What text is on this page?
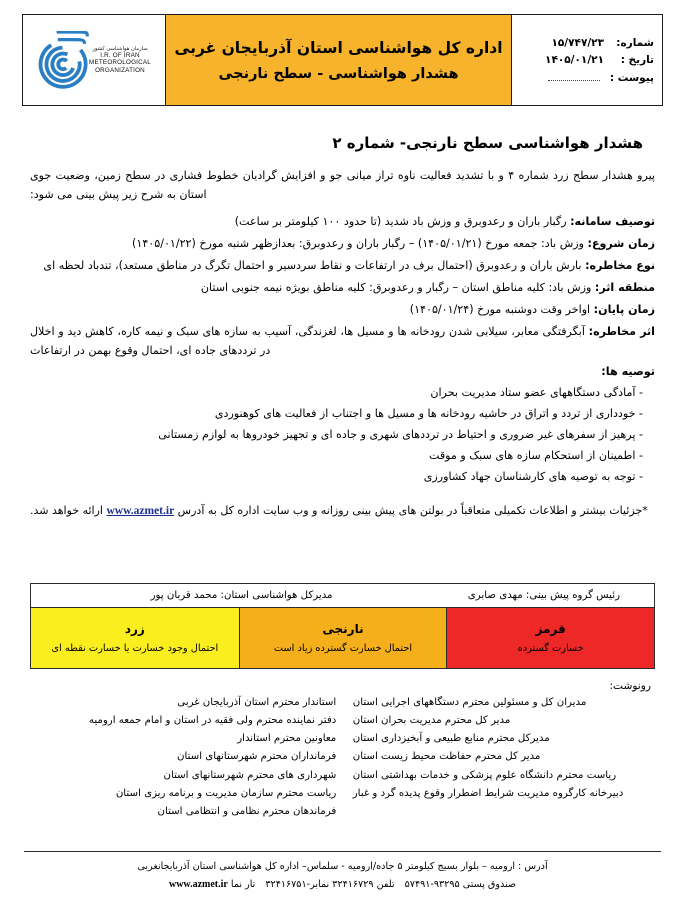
شماره:
۱۵/۷۴۷/۲۳
تاریخ :
۱۴۰۵/۰۱/۲۱
پیوست :
اداره کل هواشناسی استان آذربایجان غربی
هشدار هواشناسی - سطح نارنجی
سازمان هواشناسی کشور
I.R. OF IRAN
METEOROLOGICAL
ORGANIZATION
هشدار هواشناسی سطح نارنجی- شماره ۲
پیرو هشدار سطح زرد شماره ۴ و با تشدید فعالیت ناوه تراز میانی جو و افزایش گرادیان خطوط فشاری در سطح زمین، وضعیت جوی استان به شرح زیر پیش بینی می شود:
توصیف سامانه: رگبار باران و رعدوبرق و وزش باد شدید (تا حدود ۱۰۰ کیلومتر بر ساعت)
زمان شروع: وزش باد: جمعه مورخ (۱۴۰۵/۰۱/۲۱) – رگبار باران و رعدوبرق: بعدازظهر شنبه مورخ (۱۴۰۵/۰۱/۲۲)
نوع مخاطره: بارش باران و رعدوبرق (احتمال برف در ارتفاعات و نقاط سردسیر و احتمال تگرگ در مناطق مستعد)، تندباد لحظه ای
منطقه اثر: وزش باد: کلیه مناطق استان – رگبار و رعدوبرق: کلیه مناطق بویژه نیمه جنوبی استان
زمان پایان: اواخر وقت دوشنبه مورخ (۱۴۰۵/۰۱/۲۴)
اثر مخاطره: آبگرفتگی معابر، سیلابی شدن رودخانه ها و مسیل ها، لغزندگی، آسیب به سازه های سبک و نیمه کاره، کاهش دید و اخلال در ترددهای جاده ای، احتمال وقوع بهمن در ارتفاعات
توصیه ها:
- آمادگی دستگاههای عضو ستاد مدیریت بحران
- خودداری از تردد و اتراق در حاشیه رودخانه ها و مسیل ها و اجتناب از فعالیت های کوهنوردی
- پرهیز از سفرهای غیر ضروری و احتیاط در ترددهای شهری و جاده ای و تجهیز خودروها به لوازم زمستانی
- اطمینان از استحکام سازه های سبک و موقت
- توجه به توصیه های کارشناسان جهاد کشاورزی
*جزئیات بیشتر و اطلاعات تکمیلی متعاقباً در بولتن های پیش بینی روزانه و وب سایت اداره کل به آدرس www.azmet.ir ارائه خواهد شد.
رئیس گروه پیش بینی: مهدی صابری
مدیرکل هواشناسی استان: محمد قربان پور
قرمز
خسارت گسترده
نارنجی
احتمال خسارت گسترده زیاد است
زرد
احتمال وجود خسارت یا خسارت نقطه ای
رونوشت:
مدیران کل و مسئولین محترم دستگاههای اجرایی استان
مدیر کل محترم مدیریت بحران استان
مدیرکل محترم منابع طبیعی و آبخیزداری استان
مدیر کل محترم حفاظت محیط زیست استان
ریاست محترم دانشگاه علوم پزشکی و خدمات بهداشتی استان
دبیرخانه کارگروه مدیریت شرایط اضطرار وقوع پدیده گرد و غبار
استاندار محترم استان آذربایجان غربی
دفتر نماینده محترم ولی فقیه در استان و امام جمعه ارومیه
معاونین محترم استاندار
فرمانداران محترم شهرستانهای استان
شهرداری های محترم شهرستانهای استان
ریاست محترم سازمان مدیریت و برنامه ریزی استان
فرماندهان محترم نظامی و انتظامی استان
آدرس : ارومیه – بلوار بسیج کیلومتر ۵ جاده/ارومیه - سلماس– اداره کل هواشناسی استان آذربایجانغربی
صندوق پستی ۵۷۴۹۱-۹۳۲۹۵ تلفن ۳۲۴۱۶۷۲۹ نمابر-۳۲۴۱۶۷۵۱ تار نما www.azmet.ir
